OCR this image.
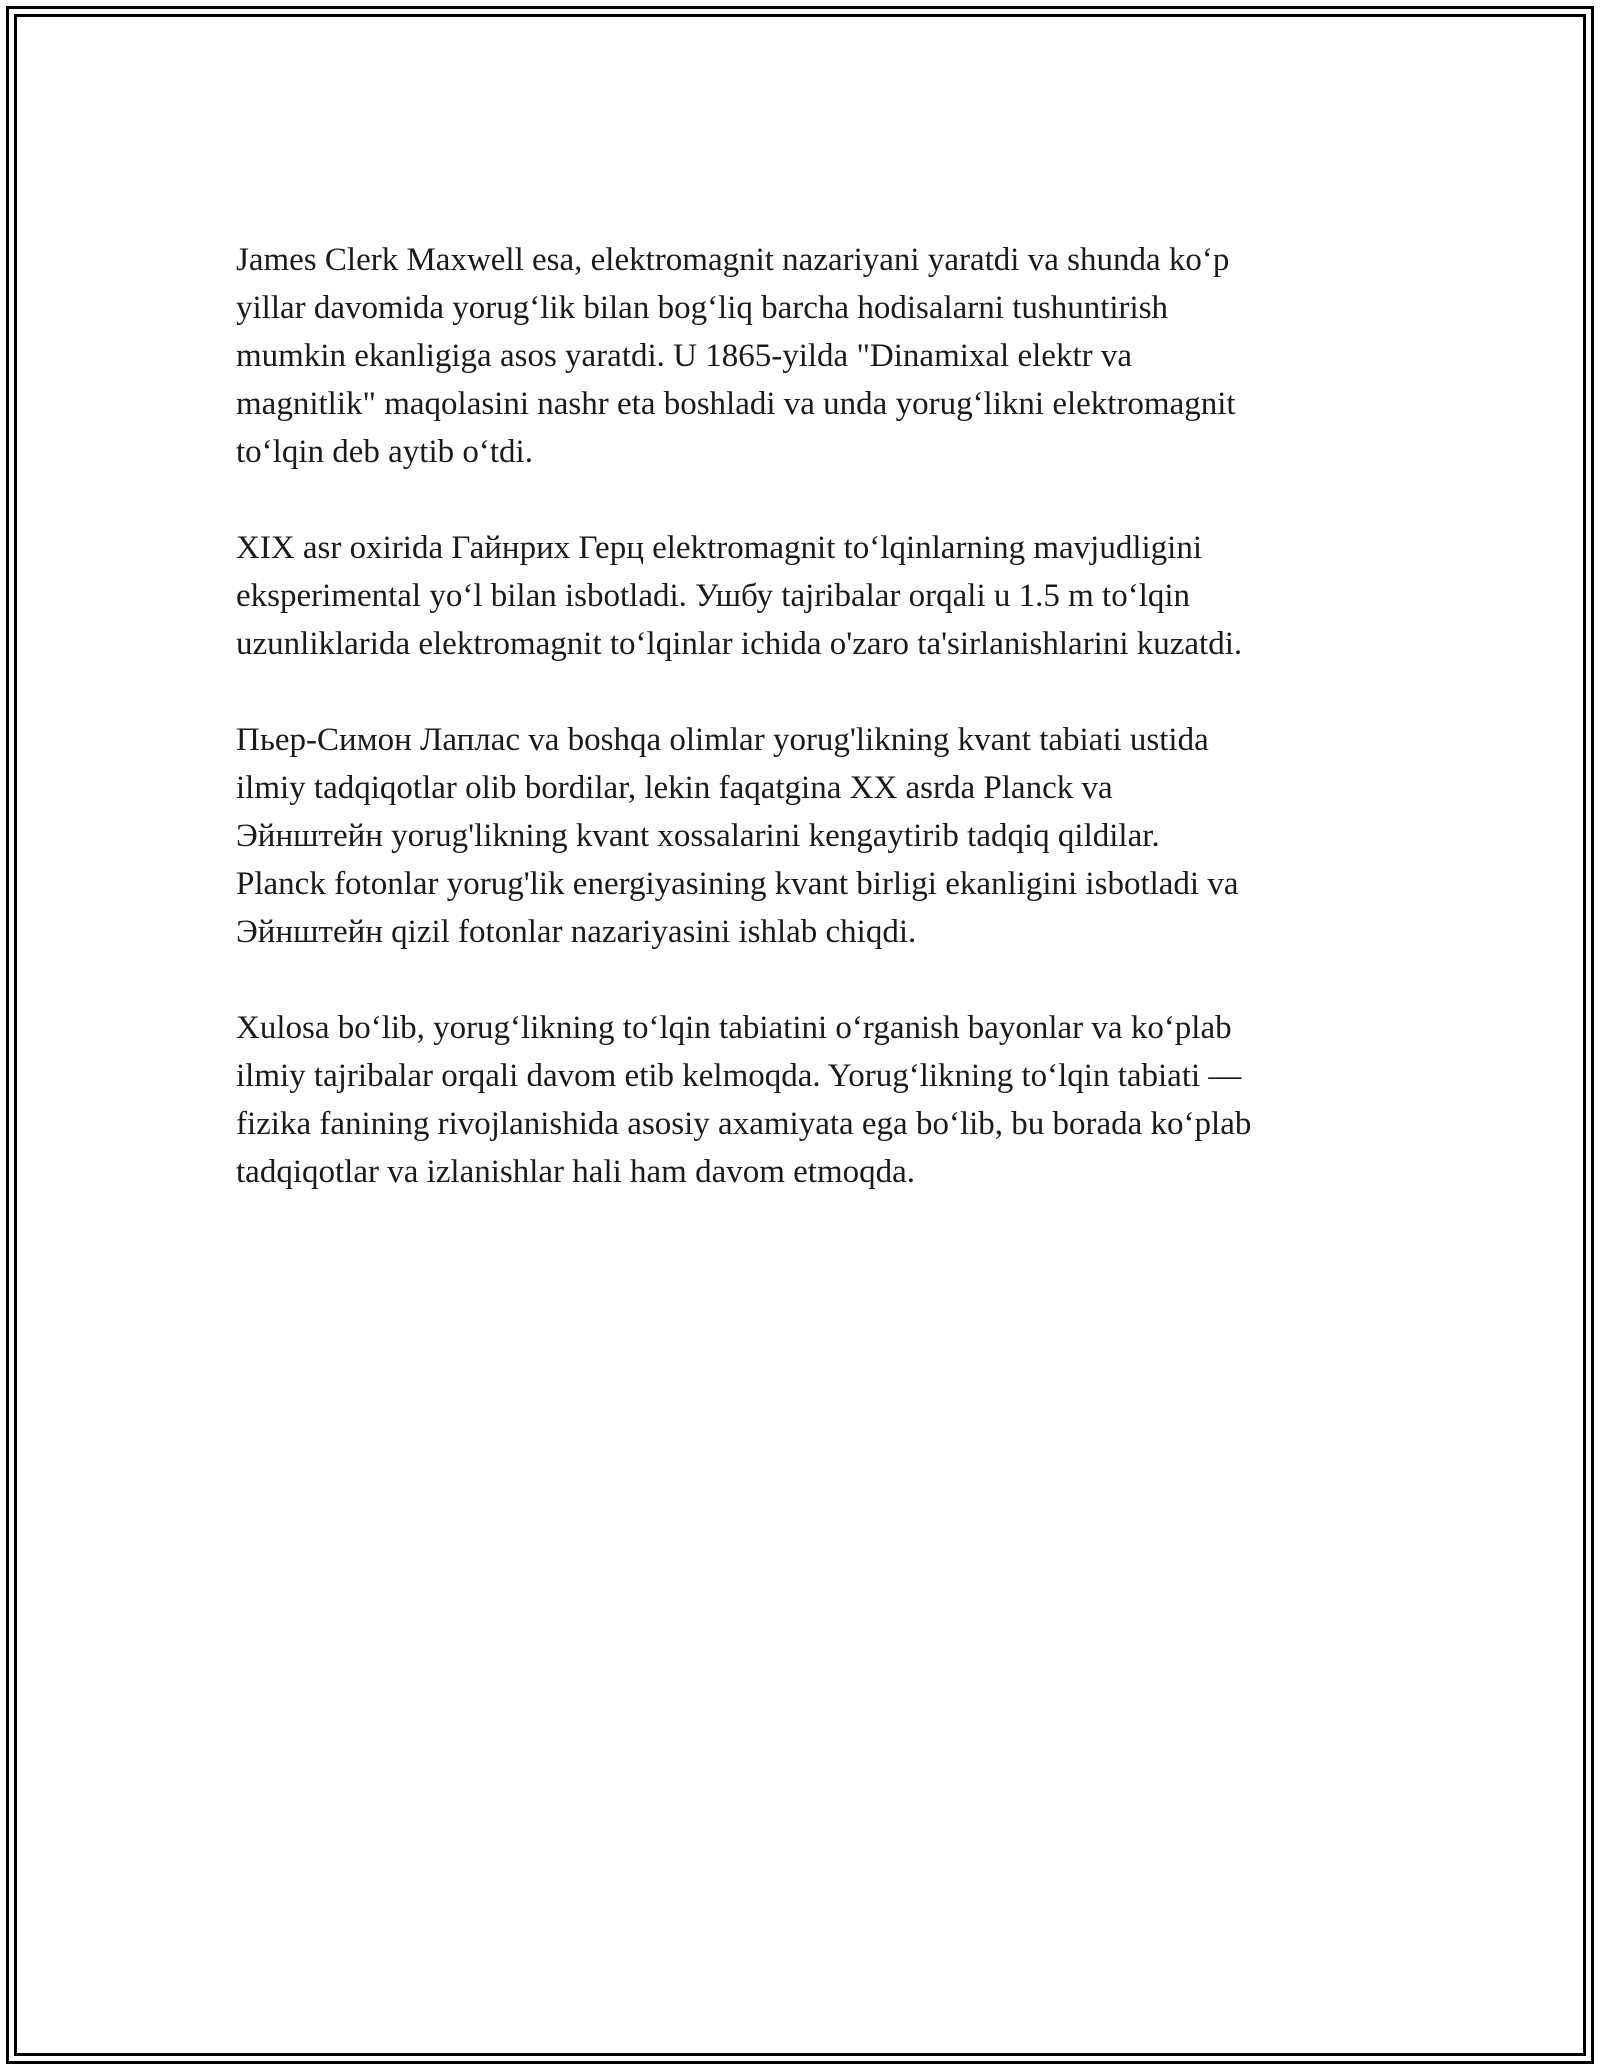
James Clerk Maxwell esa, elektromagnit nazariyani yaratdi va shunda ko‘p
yillar davomida yorug‘lik bilan bog‘liq barcha hodisalarni tushuntirish
mumkin ekanligiga asos yaratdi. U 1865-yilda "Dinamixal elektr va
magnitlik" maqolasini nashr eta boshladi va unda yorug‘likni elektromagnit
to‘lqin deb aytib o‘tdi.

XIX asr oxirida Гайнрих Герц elektromagnit to‘lqinlarning mavjudligini
eksperimental yo‘l bilan isbotladi. Ушбу tajribalar orqali u 1.5 m to‘lqin
uzunliklarida elektromagnit to‘lqinlar ichida o'zaro ta'sirlanishlarini kuzatdi.

Пьер-Симон Лаплас va boshqa olimlar yorug'likning kvant tabiati ustida
ilmiy tadqiqotlar olib bordilar, lekin faqatgina XX asrda Planck va
Эйнштейн yorug'likning kvant xossalarini kengaytirib tadqiq qildilar.
Planck fotonlar yorug'lik energiyasining kvant birligi ekanligini isbotladi va
Эйнштейн qizil fotonlar nazariyasini ishlab chiqdi.

Xulosa bo‘lib, yorug‘likning to‘lqin tabiatini o‘rganish bayonlar va ko‘plab
ilmiy tajribalar orqali davom etib kelmoqda. Yorug‘likning to‘lqin tabiati —
fizika fanining rivojlanishida asosiy axamiyata ega bo‘lib, bu borada ko‘plab
tadqiqotlar va izlanishlar hali ham davom etmoqda.
